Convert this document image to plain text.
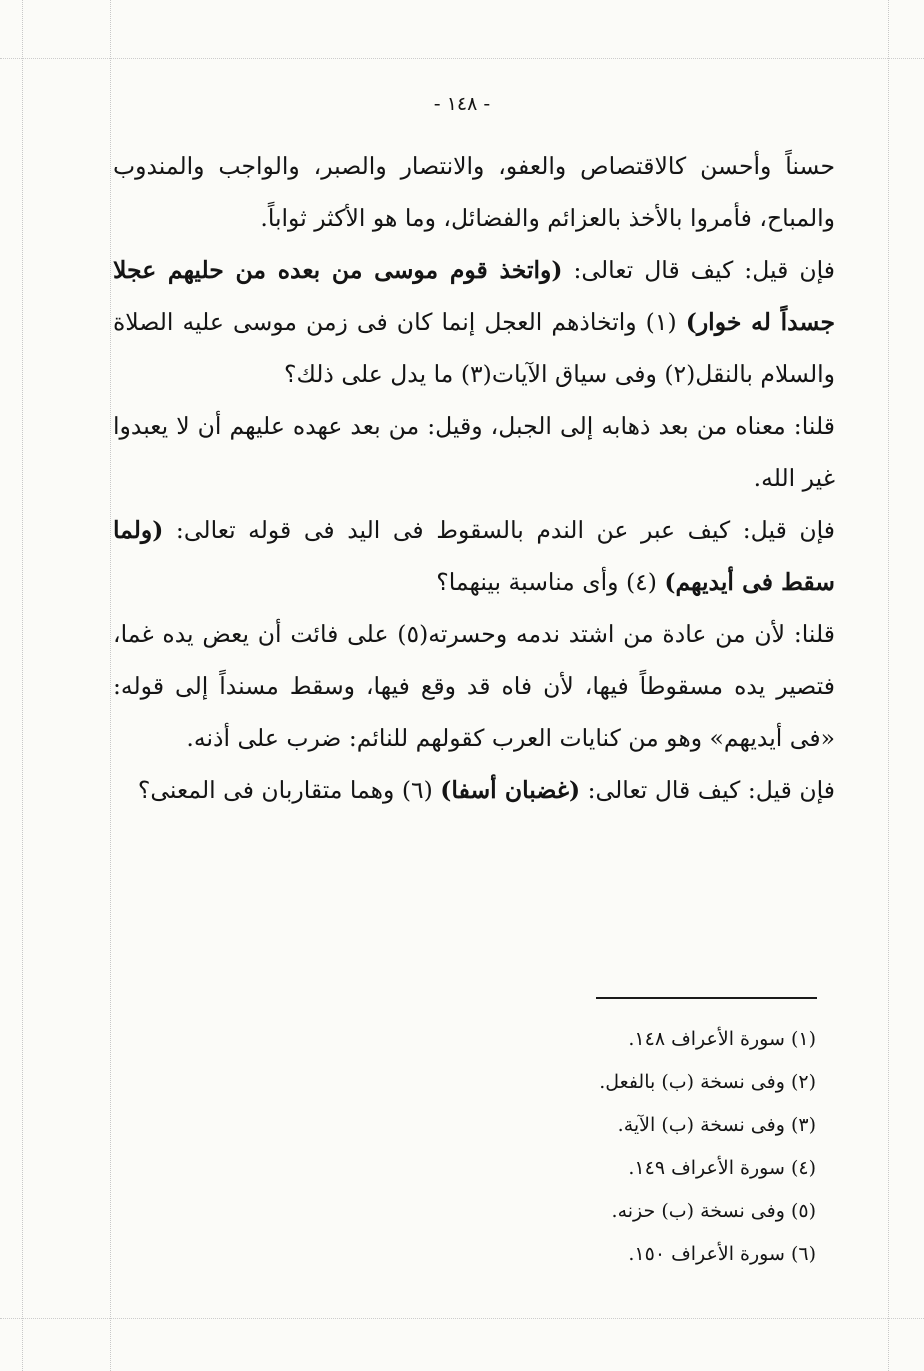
- ١٤٨ -

حسناً وأحسن كالاقتصاص والعفو، والانتصار والصبر، والواجب والمندوب والمباح، فأمروا بالأخذ بالعزائم والفضائل، وما هو الأكثر ثواباً.

فإن قيل: كيف قال تعالى: (واتخذ قوم موسى من بعده من حليهم عجلا جسداً له خوار) (١) واتخاذهم العجل إنما كان فى زمن موسى عليه الصلاة والسلام بالنقل(٢) وفى سياق الآيات(٣) ما يدل على ذلك؟

قلنا: معناه من بعد ذهابه إلى الجبل، وقيل: من بعد عهده عليهم أن لا يعبدوا غير الله.

فإن قيل: كيف عبر عن الندم بالسقوط فى اليد فى قوله تعالى: (ولما سقط فى أيديهم) (٤) وأى مناسبة بينهما؟

قلنا: لأن من عادة من اشتد ندمه وحسرته(٥) على فائت أن يعض يده غما، فتصير يده مسقوطاً فيها، لأن فاه قد وقع فيها، وسقط مسنداً إلى قوله: «فى أيديهم» وهو من كنايات العرب كقولهم للنائم: ضرب على أذنه.

فإن قيل: كيف قال تعالى: (غضبان أسفا) (٦) وهما متقاربان فى المعنى؟

(١) سورة الأعراف ١٤٨.
(٢) وفى نسخة (ب) بالفعل.
(٣) وفى نسخة (ب) الآية.
(٤) سورة الأعراف ١٤٩.
(٥) وفى نسخة (ب) حزنه.
(٦) سورة الأعراف ١٥٠.
